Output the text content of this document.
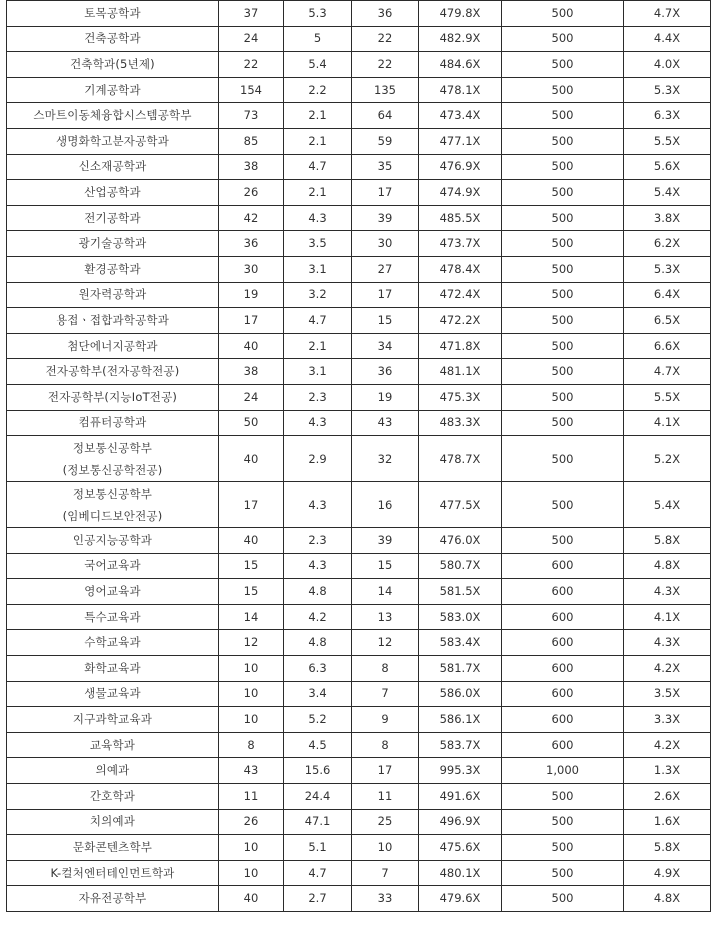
토목공학과	37	5.3	36	479.8X	500	4.7X

건축공학과	24	5	22	482.9X	500	4.4X

건축학과(5년제)	22	5.4	22	484.6X	500	4.0X

기계공학과	154	2.2	135	478.1X	500	5.3X

스마트이동체융합시스템공학부	73	2.1	64	473.4X	500	6.3X

생명화학고분자공학과	85	2.1	59	477.1X	500	5.5X

신소재공학과	38	4.7	35	476.9X	500	5.6X

산업공학과	26	2.1	17	474.9X	500	5.4X

전기공학과	42	4.3	39	485.5X	500	3.8X

광기술공학과	36	3.5	30	473.7X	500	6.2X

환경공학과	30	3.1	27	478.4X	500	5.3X

원자력공학과	19	3.2	17	472.4X	500	6.4X

용접ㆍ접합과학공학과	17	4.7	15	472.2X	500	6.5X

첨단에너지공학과	40	2.1	34	471.8X	500	6.6X

전자공학부(전자공학전공)	38	3.1	36	481.1X	500	4.7X

전자공학부(지능IoT전공)	24	2.3	19	475.3X	500	5.5X

컴퓨터공학과	50	4.3	43	483.3X	500	4.1X

정보통신공학부
(정보통신공학전공)	40	2.9	32	478.7X	500	5.2X

정보통신공학부
(임베디드보안전공)	17	4.3	16	477.5X	500	5.4X

인공지능공학과	40	2.3	39	476.0X	500	5.8X

국어교육과	15	4.3	15	580.7X	600	4.8X

영어교육과	15	4.8	14	581.5X	600	4.3X

특수교육과	14	4.2	13	583.0X	600	4.1X

수학교육과	12	4.8	12	583.4X	600	4.3X

화학교육과	10	6.3	8	581.7X	600	4.2X

생물교육과	10	3.4	7	586.0X	600	3.5X

지구과학교육과	10	5.2	9	586.1X	600	3.3X

교육학과	8	4.5	8	583.7X	600	4.2X

의예과	43	15.6	17	995.3X	1,000	1.3X

간호학과	11	24.4	11	491.6X	500	2.6X

치의예과	26	47.1	25	496.9X	500	1.6X

문화콘텐츠학부	10	5.1	10	475.6X	500	5.8X

K-컬처엔터테인먼트학과	10	4.7	7	480.1X	500	4.9X

자유전공학부	40	2.7	33	479.6X	500	4.8X
